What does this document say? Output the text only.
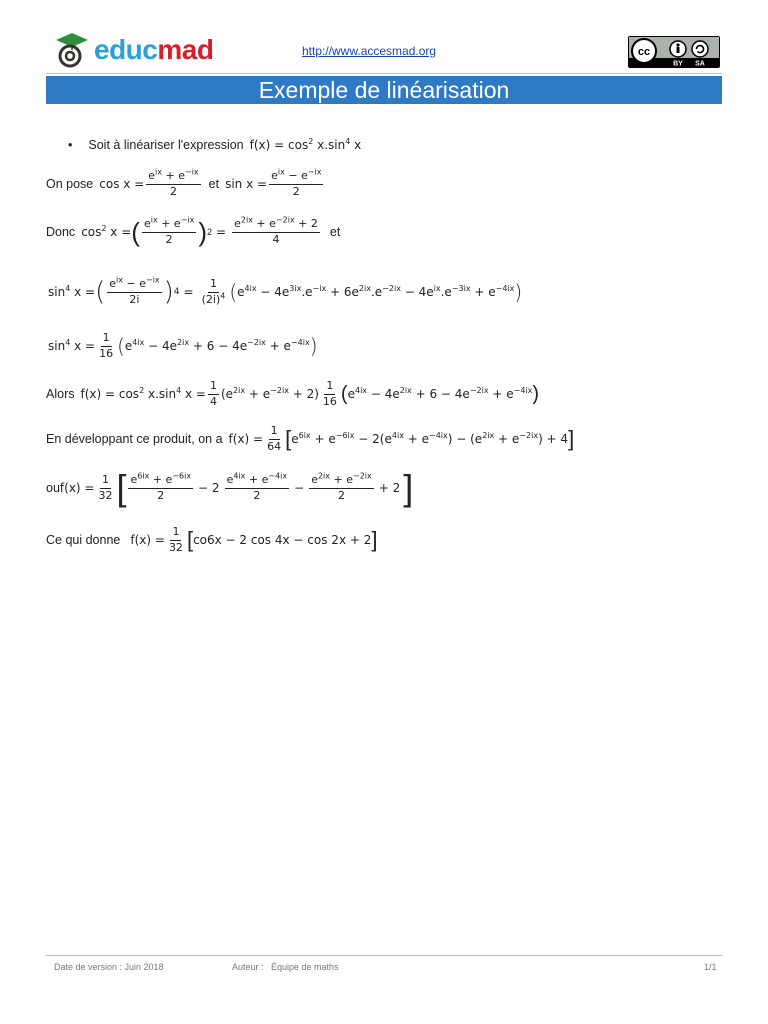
educmad	http://www.accesmad.org	cc
BY SA
Exemple de linéarisation
• Soit à linéariser l'expression $f(x) = \cos^2 x.\sin^4$ x
On pose $\cos x = \frac{e^{ix} + e^{-ix}}{2}$ et $\sin x = \frac{e^{ix} - e^{-ix}}{2}$
Donc $\cos^2 x$ = ( $\frac{e^{ix} + e^{-ix}}{2}$ ) $2 = \frac{e^{2ix} + e^{-2ix} + 2}{4}$ et
$\sin^4 x$ = ( $\frac{e^{ix} - e^{-ix}}{2i}$ ) $4 = \frac{1}{(2i)^4}$ ( $e^{4ix} - 4e^{3ix}.e^{-ix} + 6e^{2ix}.e^{-2ix} - 4e^{ix}.e^{-3ix} + e^{-4ix}$ )
$\sin^4 x = \frac{1}{16}$ ( $e^{4ix} - 4e^{2ix} + 6 - 4e^{-2ix} + e^{-4ix}$ )
Alors $f(x) = \cos^2 x.\sin^4$ $x = \frac{1}{4} (e^{2ix} + e^{-2ix} + 2) \frac{1}{16}$ ( $e^{4ix} - 4e^{2ix} + 6 - 4e^{-2ix} + e^{-4ix}$ )
En développant ce produit, on a $f(x) = \frac{1}{64}$ [ $e^{6ix} + e^{-6ix} - 2(e^{4ix} + e^{-4ix}) - (e^{2ix} + e^{-2ix}) + 4$ ]
ou $f(x) = \frac{1}{32}$ [ $\frac{e^{6ix} + e^{-6ix}}{2} - 2 \frac{e^{4ix} + e^{-4ix}}{2} - \frac{e^{2ix} + e^{-2ix}}{2} + 2$ ]
Ce qui donne $f(x) = \frac{1}{32}$ [ co6x − 2 cos 4x − cos 2x + 2 ]
Date de version : Juin 2018	Auteur :   Équipe de maths	1/1
